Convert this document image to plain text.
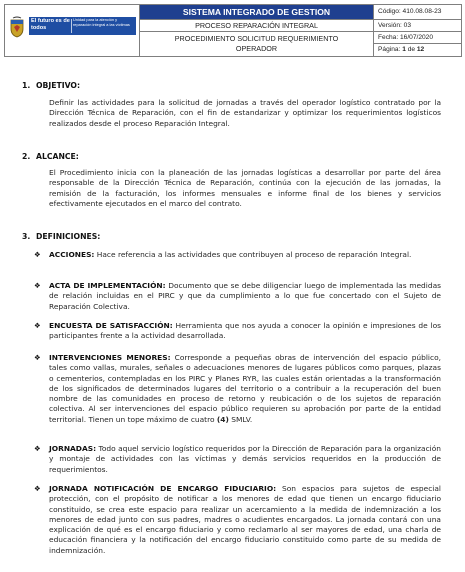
El futuro es de todos
Unidad para la atención y reparación integral a las víctimas
SISTEMA INTEGRADO DE GESTION
PROCESO REPARACIÓN INTEGRAL
PROCEDIMIENTO SOLICITUD REQUERIMIENTO
OPERADOR
Código: 410.08.08-23
Versión: 03
Fecha: 16/07/2020
Página: 1 de 12
1. OBJETIVO:
Definir las actividades para la solicitud de jornadas a través del operador logístico contratado por la Dirección Técnica de Reparación, con el fin de estandarizar y optimizar los requerimientos logísticos realizados desde el proceso Reparación Integral.
2. ALCANCE:
El Procedimiento inicia con la planeación de las jornadas logísticas a desarrollar por parte del área responsable de la Dirección Técnica de Reparación, continúa con la ejecución de las jornadas, la remisión de la facturación, los informes mensuales e informe final de los bienes y servicios efectivamente ejecutados en el marco del contrato.
3. DEFINICIONES:
❖ ACCIONES: Hace referencia a las actividades que contribuyen al proceso de reparación Integral.
❖ ACTA DE IMPLEMENTACIÓN: Documento que se debe diligenciar luego de implementada las medidas de relación incluidas en el PIRC y que da cumplimiento a lo que fue concertado con el Sujeto de Reparación Colectiva.
❖ ENCUESTA DE SATISFACCIÓN: Herramienta que nos ayuda a conocer la opinión e impresiones de los participantes frente a la actividad desarrollada.
❖ INTERVENCIONES MENORES: Corresponde a pequeñas obras de intervención del espacio público, tales como vallas, murales, señales o adecuaciones menores de lugares públicos como parques, plazas o cementerios, contempladas en los PIRC y Planes RYR, las cuales están orientadas a la transformación de los significados de determinados lugares del territorio o a contribuir a la recuperación del buen nombre de las comunidades en proceso de retorno y reubicación o de los sujetos de reparación colectiva. Al ser intervenciones del espacio público requieren su aprobación por parte de la entidad territorial. Tienen un tope máximo de cuatro (4) SMLV.
❖ JORNADAS: Todo aquel servicio logístico requeridos por la Dirección de Reparación para la organización y montaje de actividades con las víctimas y demás servicios requeridos en la producción de requerimientos.
❖ JORNADA NOTIFICACIÓN DE ENCARGO FIDUCIARIO: Son espacios para sujetos de especial protección, con el propósito de notificar a los menores de edad que tienen un encargo fiduciario constituido, se crea este espacio para realizar un acercamiento a la medida de indemnización a los menores de edad junto con sus padres, madres o acudientes encargados. La jornada contará con una explicación de qué es el encargo fiduciario y como reclamarlo al ser mayores de edad, una charla de educación financiera y la notificación del encargo fiduciario constituido como parte de su medida de indemnización.
